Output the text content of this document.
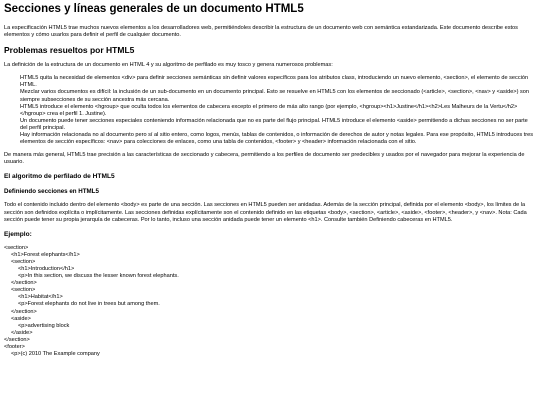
Secciones y líneas generales de un documento HTML5

La especificación HTML5 trae muchos nuevos elementos a los desarrolladores web, permitiéndoles describir la estructura de un documento web con semántica estandarizada. Este documento describe estos elementos y cómo usarlos para definir el perfil de cualquier documento.

Problemas resueltos por HTML5

La definición de la estructura de un documento en HTML 4 y su algoritmo de perfilado es muy tosco y genera numerosos problemas:

HTML5 quita la necesidad de elementos <div> para definir secciones semánticas sin definir valores específicos para los atributos class, introduciendo un nuevo elemento, <section>, el elemento de sección HTML.

Mezclar varios documentos es difícil: la inclusión de un sub-documento en un documento principal. Esto se resuelve en HTML5 con los elementos de seccionado (<article>, <section>, <nav> y <aside>) son siempre subsecciones de su sección ancestra más cercana.

HTML5 introduce el elemento <hgroup> que oculta todos los elementos de cabecera excepto el primero de más alto rango (por ejemplo, <hgroup><h1>Justine</h1><h2>Les Malheurs de la Vertu</h2></hgroup> crea el perfil 1. Justine).

Un documento puede tener secciones especiales conteniendo información relacionada que no es parte del flujo principal. HTML5 introduce el elemento <aside> permitiendo a dichas secciones no ser parte del perfil principal.

Hay información relacionada no al documento pero sí al sitio entero, como logos, menús, tablas de contenidos, o información de derechos de autor y notas legales. Para ese propósito, HTML5 introduces tres elementos de sección específicos: <nav> para colecciones de enlaces, como una tabla de contenidos, <footer> y <header> información relacionada con el sitio.

De manera más general, HTML5 trae precisión a las características de seccionado y cabecera, permitiendo a los perfiles de documento ser predecibles y usados por el navegador para mejorar la experiencia de usuario.

El algoritmo de perfilado de HTML5
Definiendo secciones en HTML5

Todo el contenido incluido dentro del elemento <body> es parte de una sección. Las secciones en HTML5 pueden ser anidadas. Además de la sección principal, definida por el elemento <body>, los límites de la sección son definidos explícita o implícitamente. Las secciones definidas explícitamente son el contenido definido en las etiquetas <body>, <section>, <article>, <aside>, <footer>, <header>, y <nav>. Nota: Cada sección puede tener su propia jerarquía de cabeceras. Por lo tanto, incluso una sección anidada puede tener un elemento <h1>. Consulte también Definiendo cabeceras en HTML5.

Ejemplo:
<section>
<h1>Forest elephants</h1>
<section>
<h1>Introduction</h1>
<p>In this section, we discuss the lesser known forest elephants.
</section>
<section>
<h1>Habitat</h1>
<p>Forest elephants do not live in trees but among them.
</section>
<aside>
<p>advertising block
</aside>
</section>
<footer>
<p>(c) 2010 The Example company
